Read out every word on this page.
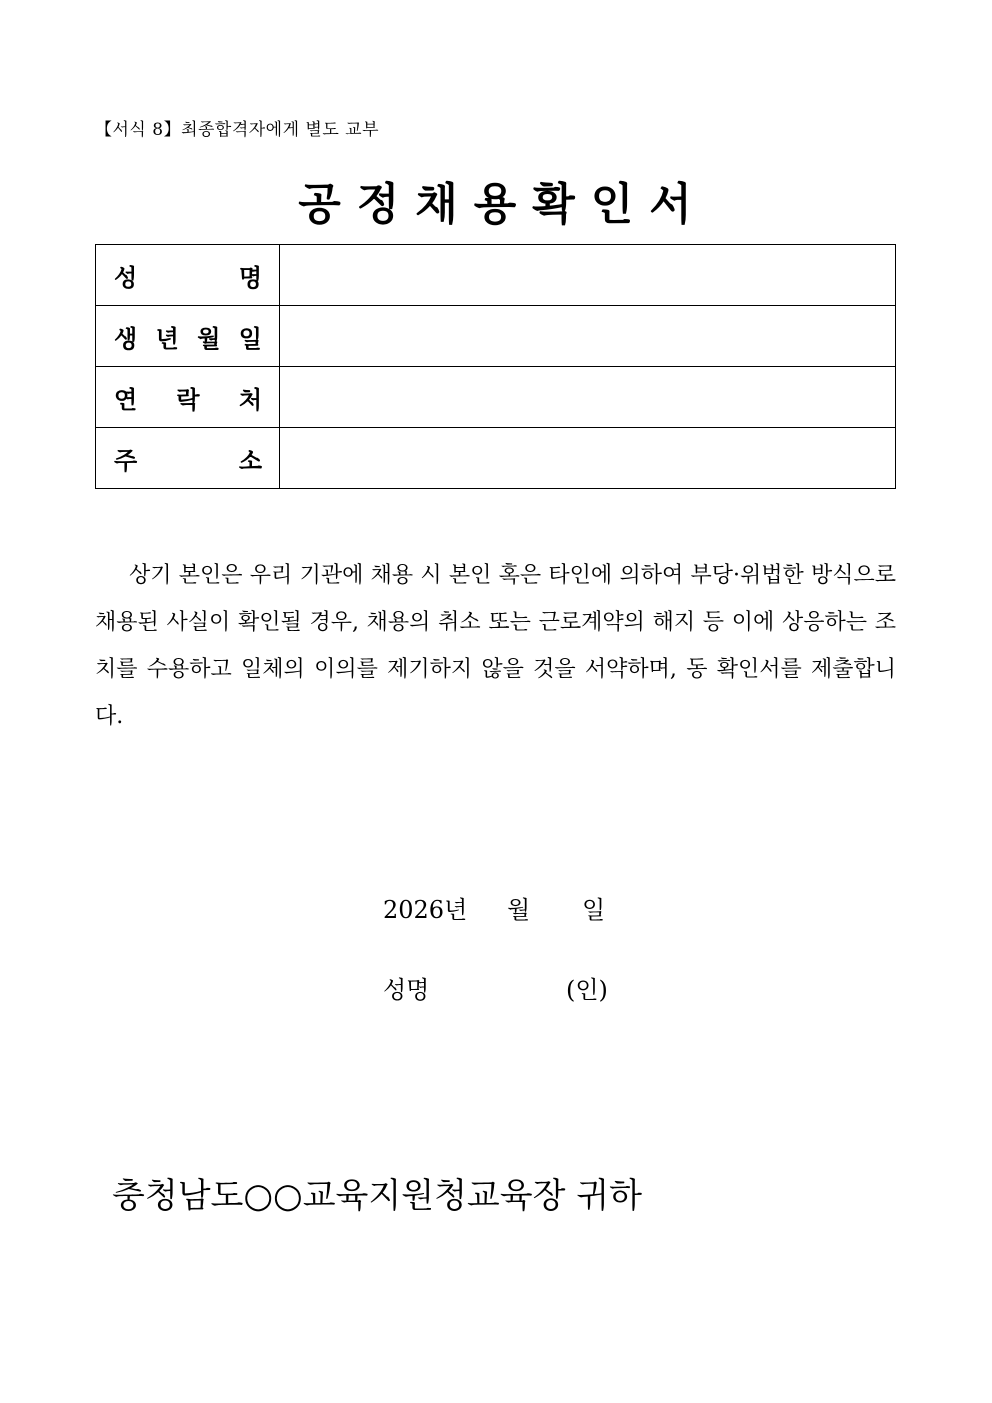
【서식 8】최종합격자에게 별도 교부
공정채용확인서
성 명	

생 년 월 일	

연 락 처	

주 소	

상기 본인은 우리 기관에 채용 시 본인 혹은 타인에 의하여 부당·위법한 방식으로 채용된 사실이 확인될 경우, 채용의 취소 또는 근로계약의 해지 등 이에 상응하는 조치를 수용하고 일체의 이의를 제기하지 않을 것을 서약하며, 동 확인서를 제출합니다.

2026년 월 일
성명	(인)
충청남도○○교육지원청교육장 귀하
